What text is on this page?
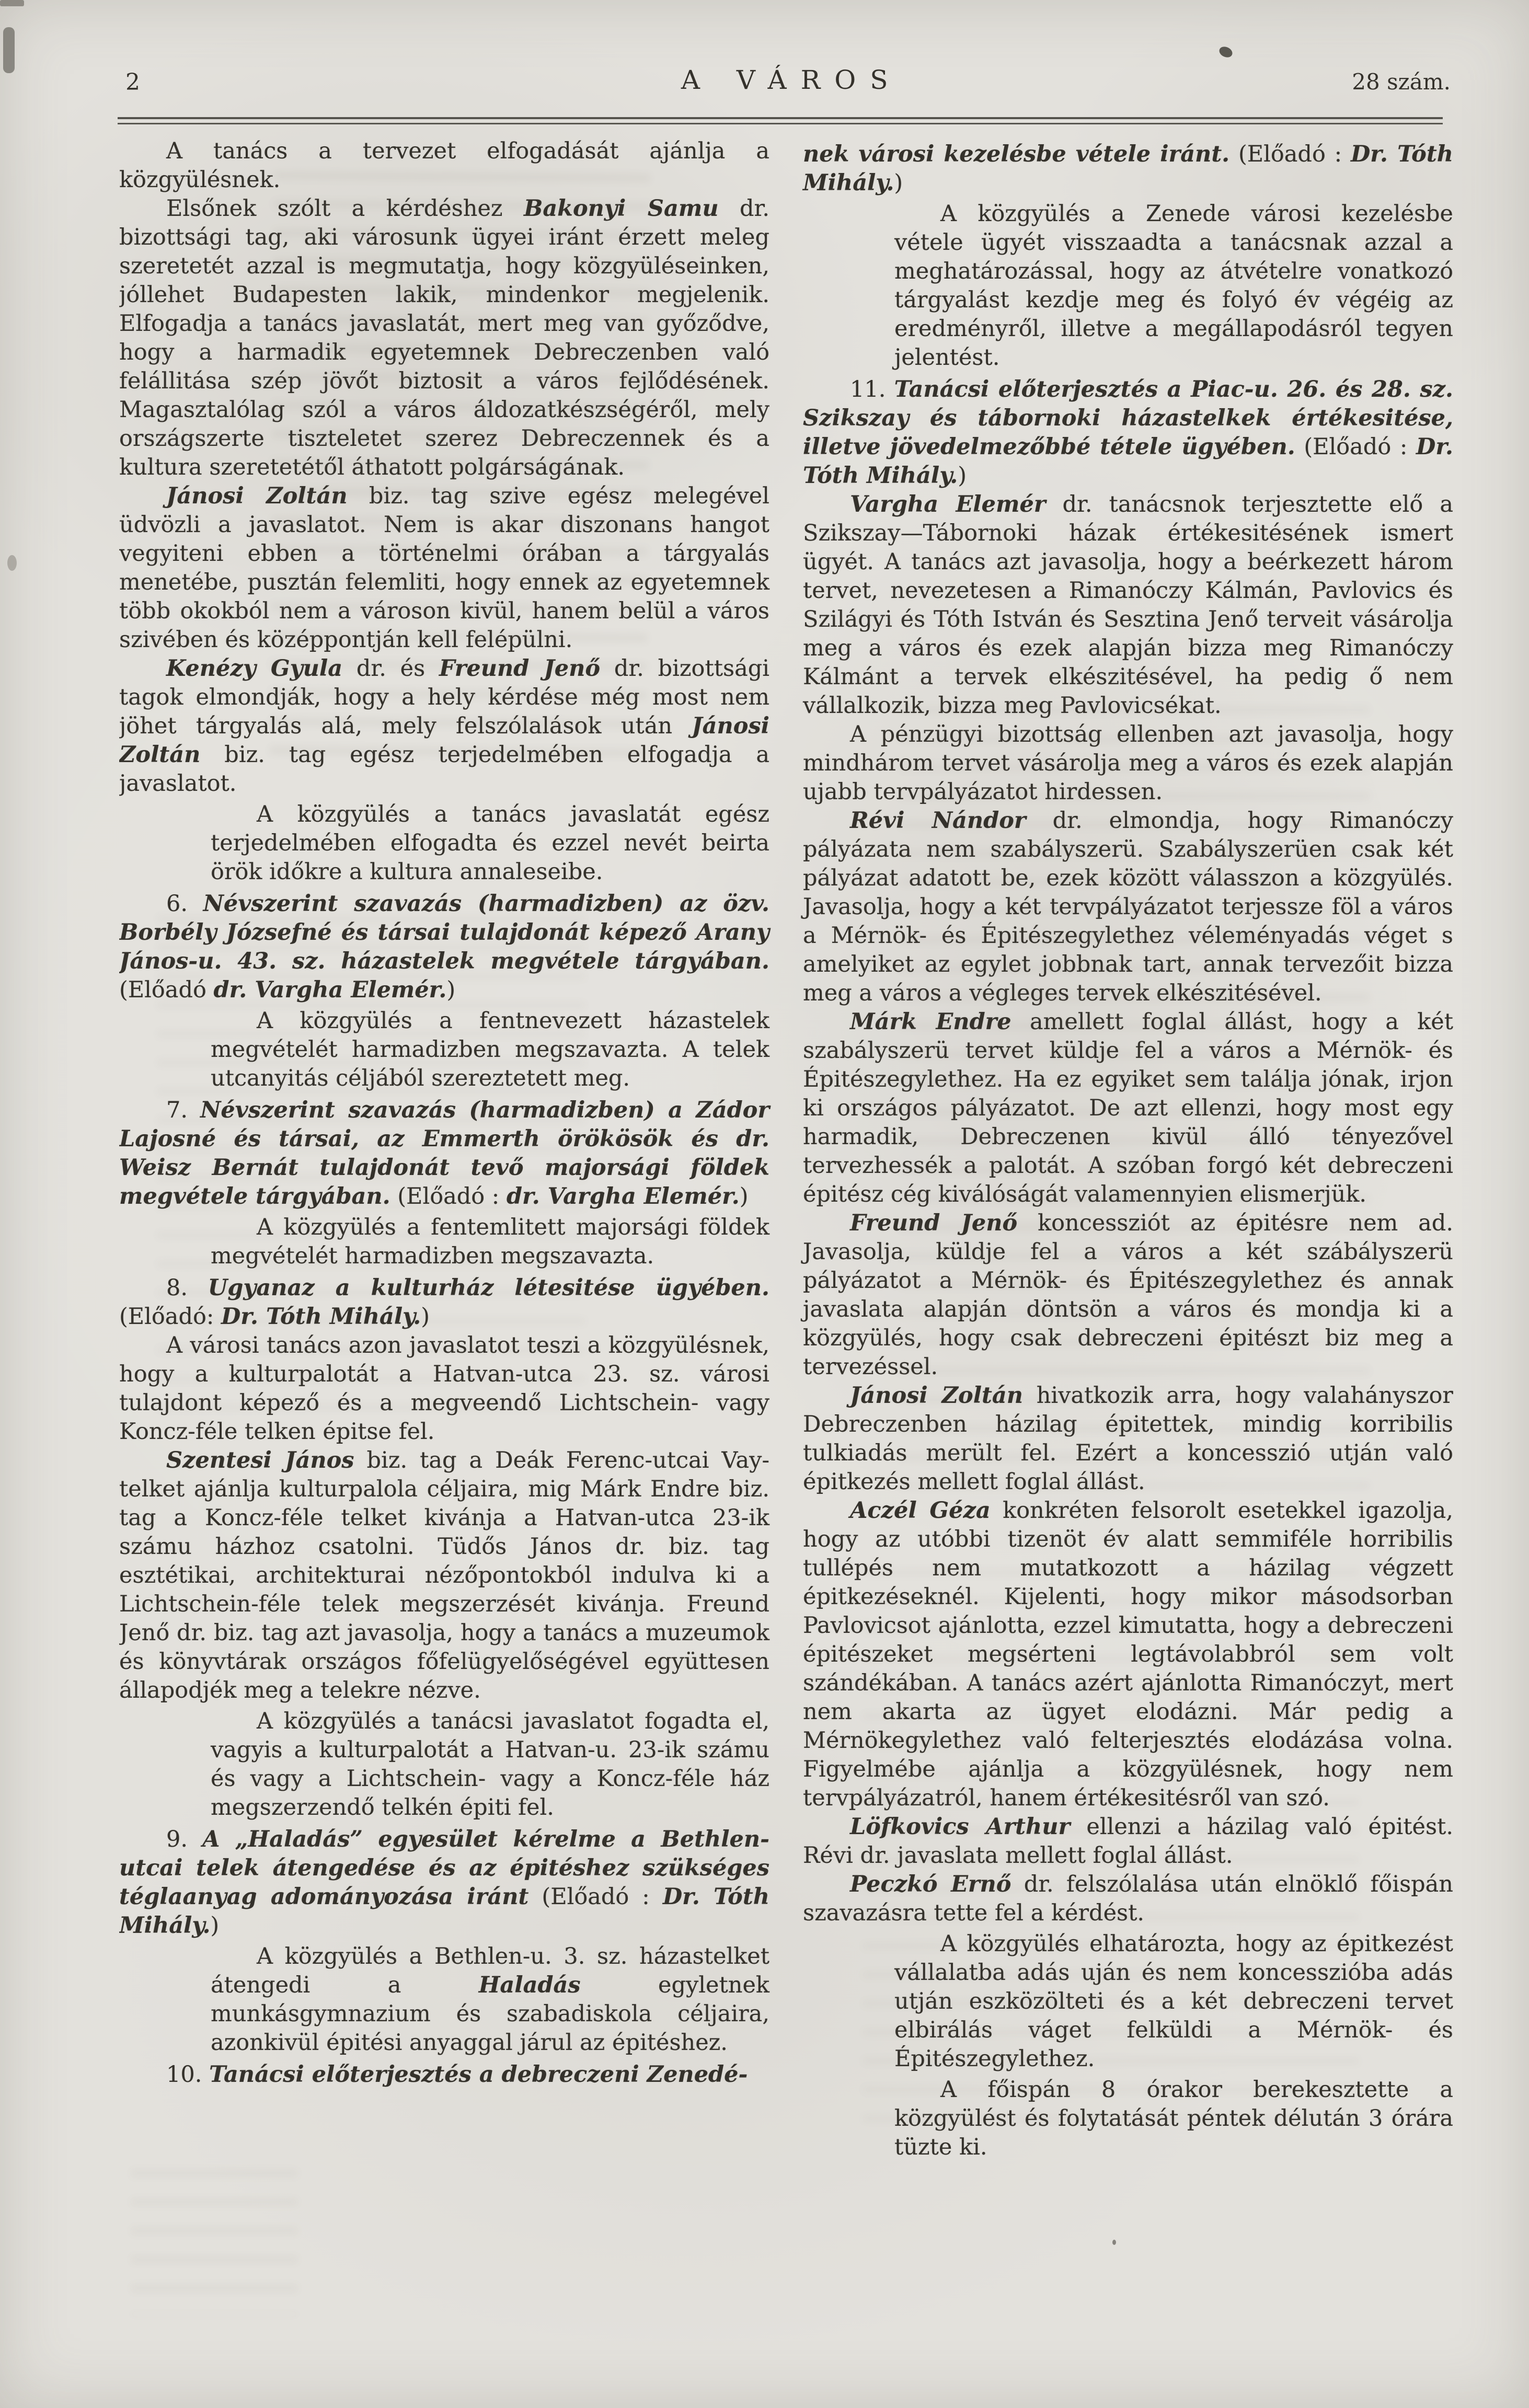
2	A VÁROS	28 szám.

A tanács a tervezet elfogadását ajánlja a közgyülésnek.

Elsőnek szólt a kérdéshez Bakonyi Samu dr. bizottsági tag, aki városunk ügyei iránt érzett meleg szeretetét azzal is megmutatja, hogy közgyüléseinken, jóllehet Budapesten lakik, mindenkor megjelenik. Elfogadja a tanács javaslatát, mert meg van győződve, hogy a harmadik egyetemnek Debreczenben való felállitása szép jövőt biztosit a város fejlődésének. Magasztalólag szól a város áldozatkészségéről, mely országszerte tiszteletet szerez Debreczennek és a kultura szeretetétől áthatott polgárságának.

Jánosi Zoltán biz. tag szive egész melegével üdvözli a javaslatot. Nem is akar diszonans hangot vegyiteni ebben a történelmi órában a tárgyalás menetébe, pusztán felemliti, hogy ennek az egyetemnek több okokból nem a városon kivül, hanem belül a város szivében és középpontján kell felépülni.

Kenézy Gyula dr. és Freund Jenő dr. bizottsági tagok elmondják, hogy a hely kérdése még most nem jöhet tárgyalás alá, mely felszólalások után Jánosi Zoltán biz. tag egész terjedelmében elfogadja a javaslatot.

A közgyülés a tanács javaslatát egész terjedelmében elfogadta és ezzel nevét beirta örök időkre a kultura annaleseibe.

6. Névszerint szavazás (harmadizben) az özv. Borbély Józsefné és társai tulajdonát képező Arany János-u. 43. sz. házastelek megvétele tárgyában. (Előadó dr. Vargha Elemér.)

A közgyülés a fentnevezett házastelek megvételét harmadizben megszavazta. A telek utcanyitás céljából szereztetett meg.

7. Névszerint szavazás (harmadizben) a Zádor Lajosné és társai, az Emmerth örökösök és dr. Weisz Bernát tulajdonát tevő majorsági földek megvétele tárgyában. (Előadó : dr. Vargha Elemér.)

A közgyülés a fentemlitett majorsági földek megvételét harmadizben megszavazta.

8. Ugyanaz a kulturház létesitése ügyében. (Előadó: Dr. Tóth Mihály.)

A városi tanács azon javaslatot teszi a közgyülésnek, hogy a kulturpalotát a Hatvan-utca 23. sz. városi tulajdont képező és a megveendő Lichtschein- vagy Koncz-féle telken épitse fel.

Szentesi János biz. tag a Deák Ferenc-utcai Vay-telket ajánlja kulturpalola céljaira, mig Márk Endre biz. tag a Koncz-féle telket kivánja a Hatvan-utca 23-ik számu házhoz csatolni. Tüdős János dr. biz. tag esztétikai, architekturai nézőpontokból indulva ki a Lichtschein-féle telek megszerzését kivánja. Freund Jenő dr. biz. tag azt javasolja, hogy a tanács a muzeumok és könyvtárak országos főfelügyelőségével együttesen állapodjék meg a telekre nézve.

A közgyülés a tanácsi javaslatot fogadta el, vagyis a kulturpalotát a Hatvan-u. 23-ik számu és vagy a Lichtschein- vagy a Koncz-féle ház megszerzendő telkén épiti fel.

9. A „Haladás” egyesület kérelme a Bethlen-utcai telek átengedése és az épitéshez szükséges téglaanyag adományozása iránt (Előadó : Dr. Tóth Mihály.)

A közgyülés a Bethlen-u. 3. sz. házastelket átengedi a Haladás egyletnek munkásgymnazium és szabadiskola céljaira, azonkivül épitési anyaggal járul az épitéshez.

10. Tanácsi előterjesztés a debreczeni Zenedé-

nek városi kezelésbe vétele iránt. (Előadó : Dr. Tóth Mihály.)

A közgyülés a Zenede városi kezelésbe vétele ügyét visszaadta a tanácsnak azzal a meghatározással, hogy az átvételre vonatkozó tárgyalást kezdje meg és folyó év végéig az eredményről, illetve a megállapodásról tegyen jelentést.

11. Tanácsi előterjesztés a Piac-u. 26. és 28. sz. Szikszay és tábornoki házastelkek értékesitése, illetve jövedelmezőbbé tétele ügyében. (Előadó : Dr. Tóth Mihály.)

Vargha Elemér dr. tanácsnok terjesztette elő a Szikszay—Tábornoki házak értékesitésének ismert ügyét. A tanács azt javasolja, hogy a beérkezett három tervet, nevezetesen a Rimanóczy Kálmán, Pavlovics és Szilágyi és Tóth István és Sesztina Jenő terveit vásárolja meg a város és ezek alapján bizza meg Rimanóczy Kálmánt a tervek elkészitésével, ha pedig ő nem vállalkozik, bizza meg Pavlovicsékat.

A pénzügyi bizottság ellenben azt javasolja, hogy mindhárom tervet vásárolja meg a város és ezek alapján ujabb tervpályázatot hirdessen.

Révi Nándor dr. elmondja, hogy Rimanóczy pályázata nem szabályszerü. Szabályszerüen csak két pályázat adatott be, ezek között válasszon a közgyülés. Javasolja, hogy a két tervpályázatot terjessze föl a város a Mérnök- és Épitészegylethez véleményadás véget s amelyiket az egylet jobbnak tart, annak tervezőit bizza meg a város a végleges tervek elkészitésével.

Márk Endre amellett foglal állást, hogy a két szabályszerü tervet küldje fel a város a Mérnök- és Épitészegylethez. Ha ez egyiket sem találja jónak, irjon ki országos pályázatot. De azt ellenzi, hogy most egy harmadik, Debreczenen kivül álló tényezővel tervezhessék a palotát. A szóban forgó két debreczeni épitész cég kiválóságát valamennyien elismerjük.

Freund Jenő koncessziót az épitésre nem ad. Javasolja, küldje fel a város a két szábályszerü pályázatot a Mérnök- és Épitészegylethez és annak javaslata alapján döntsön a város és mondja ki a közgyülés, hogy csak debreczeni épitészt biz meg a tervezéssel.

Jánosi Zoltán hivatkozik arra, hogy valahányszor Debreczenben házilag épitettek, mindig korribilis tulkiadás merült fel. Ezért a koncesszió utján való épitkezés mellett foglal állást.

Aczél Géza konkréten felsorolt esetekkel igazolja, hogy az utóbbi tizenöt év alatt semmiféle horribilis tullépés nem mutatkozott a házilag végzett épitkezéseknél. Kijelenti, hogy mikor másodsorban Pavlovicsot ajánlotta, ezzel kimutatta, hogy a debreczeni épitészeket megsérteni legtávolabbról sem volt szándékában. A tanács azért ajánlotta Rimanóczyt, mert nem akarta az ügyet elodázni. Már pedig a Mérnökegylethez való felterjesztés elodázása volna. Figyelmébe ajánlja a közgyülésnek, hogy nem tervpályázatról, hanem értékesitésről van szó.

Löfkovics Arthur ellenzi a házilag való épitést. Révi dr. javaslata mellett foglal állást.

Peczkó Ernő dr. felszólalása után elnöklő főispán szavazásra tette fel a kérdést.

A közgyülés elhatározta, hogy az épitkezést vállalatba adás uján és nem koncesszióba adás utján eszközölteti és a két debreczeni tervet elbirálás váget felküldi a Mérnök- és Épitészegylethez.

A főispán 8 órakor berekesztette a közgyülést és folytatását péntek délután 3 órára tüzte ki.
